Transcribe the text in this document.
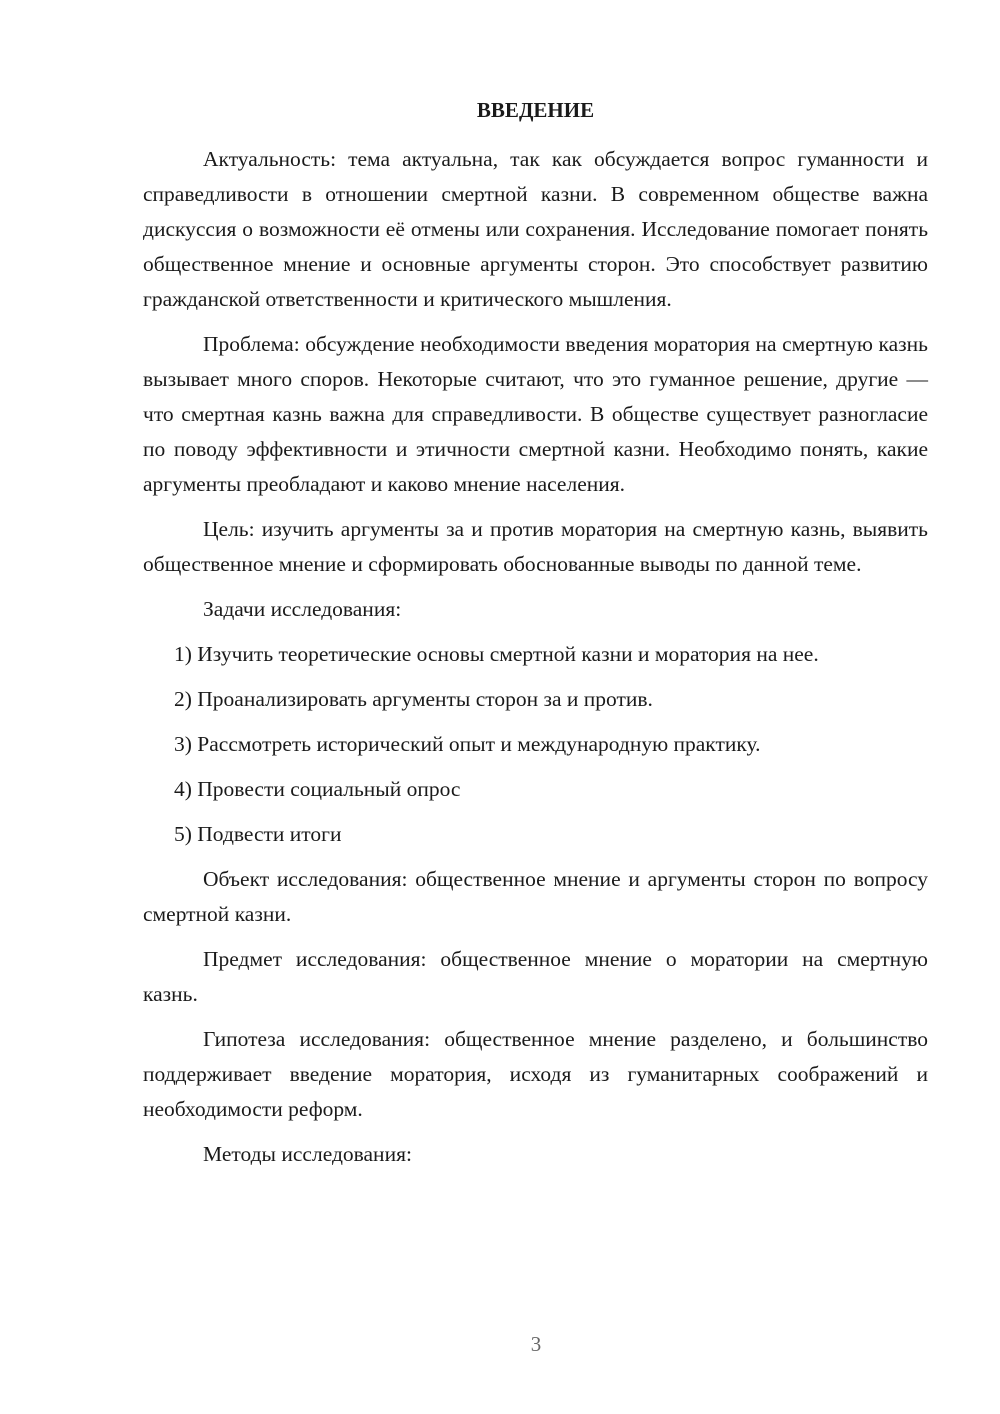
ВВЕДЕНИЕ

Актуальность: тема актуальна, так как обсуждается вопрос гуманности и справедливости в отношении смертной казни. В современном обществе важна дискуссия о возможности её отмены или сохранения. Исследование помогает понять общественное мнение и основные аргументы сторон. Это способствует развитию гражданской ответственности и критического мышления.

Проблема: обсуждение необходимости введения моратория на смертную казнь вызывает много споров. Некоторые считают, что это гуманное решение, другие — что смертная казнь важна для справедливости. В обществе существует разногласие по поводу эффективности и этичности смертной казни. Необходимо понять, какие аргументы преобладают и каково мнение населения.

Цель: изучить аргументы за и против моратория на смертную казнь, выявить общественное мнение и сформировать обоснованные выводы по данной теме.

Задачи исследования:

1) Изучить теоретические основы смертной казни и моратория на нее.
2) Проанализировать аргументы сторон за и против.
3) Рассмотреть исторический опыт и международную практику.
4) Провести социальный опрос
5) Подвести итоги

Объект исследования: общественное мнение и аргументы сторон по вопросу смертной казни.

Предмет исследования: общественное мнение о моратории на смертную казнь.

Гипотеза исследования: общественное мнение разделено, и большинство поддерживает введение моратория, исходя из гуманитарных соображений и необходимости реформ.

Методы исследования:

3
